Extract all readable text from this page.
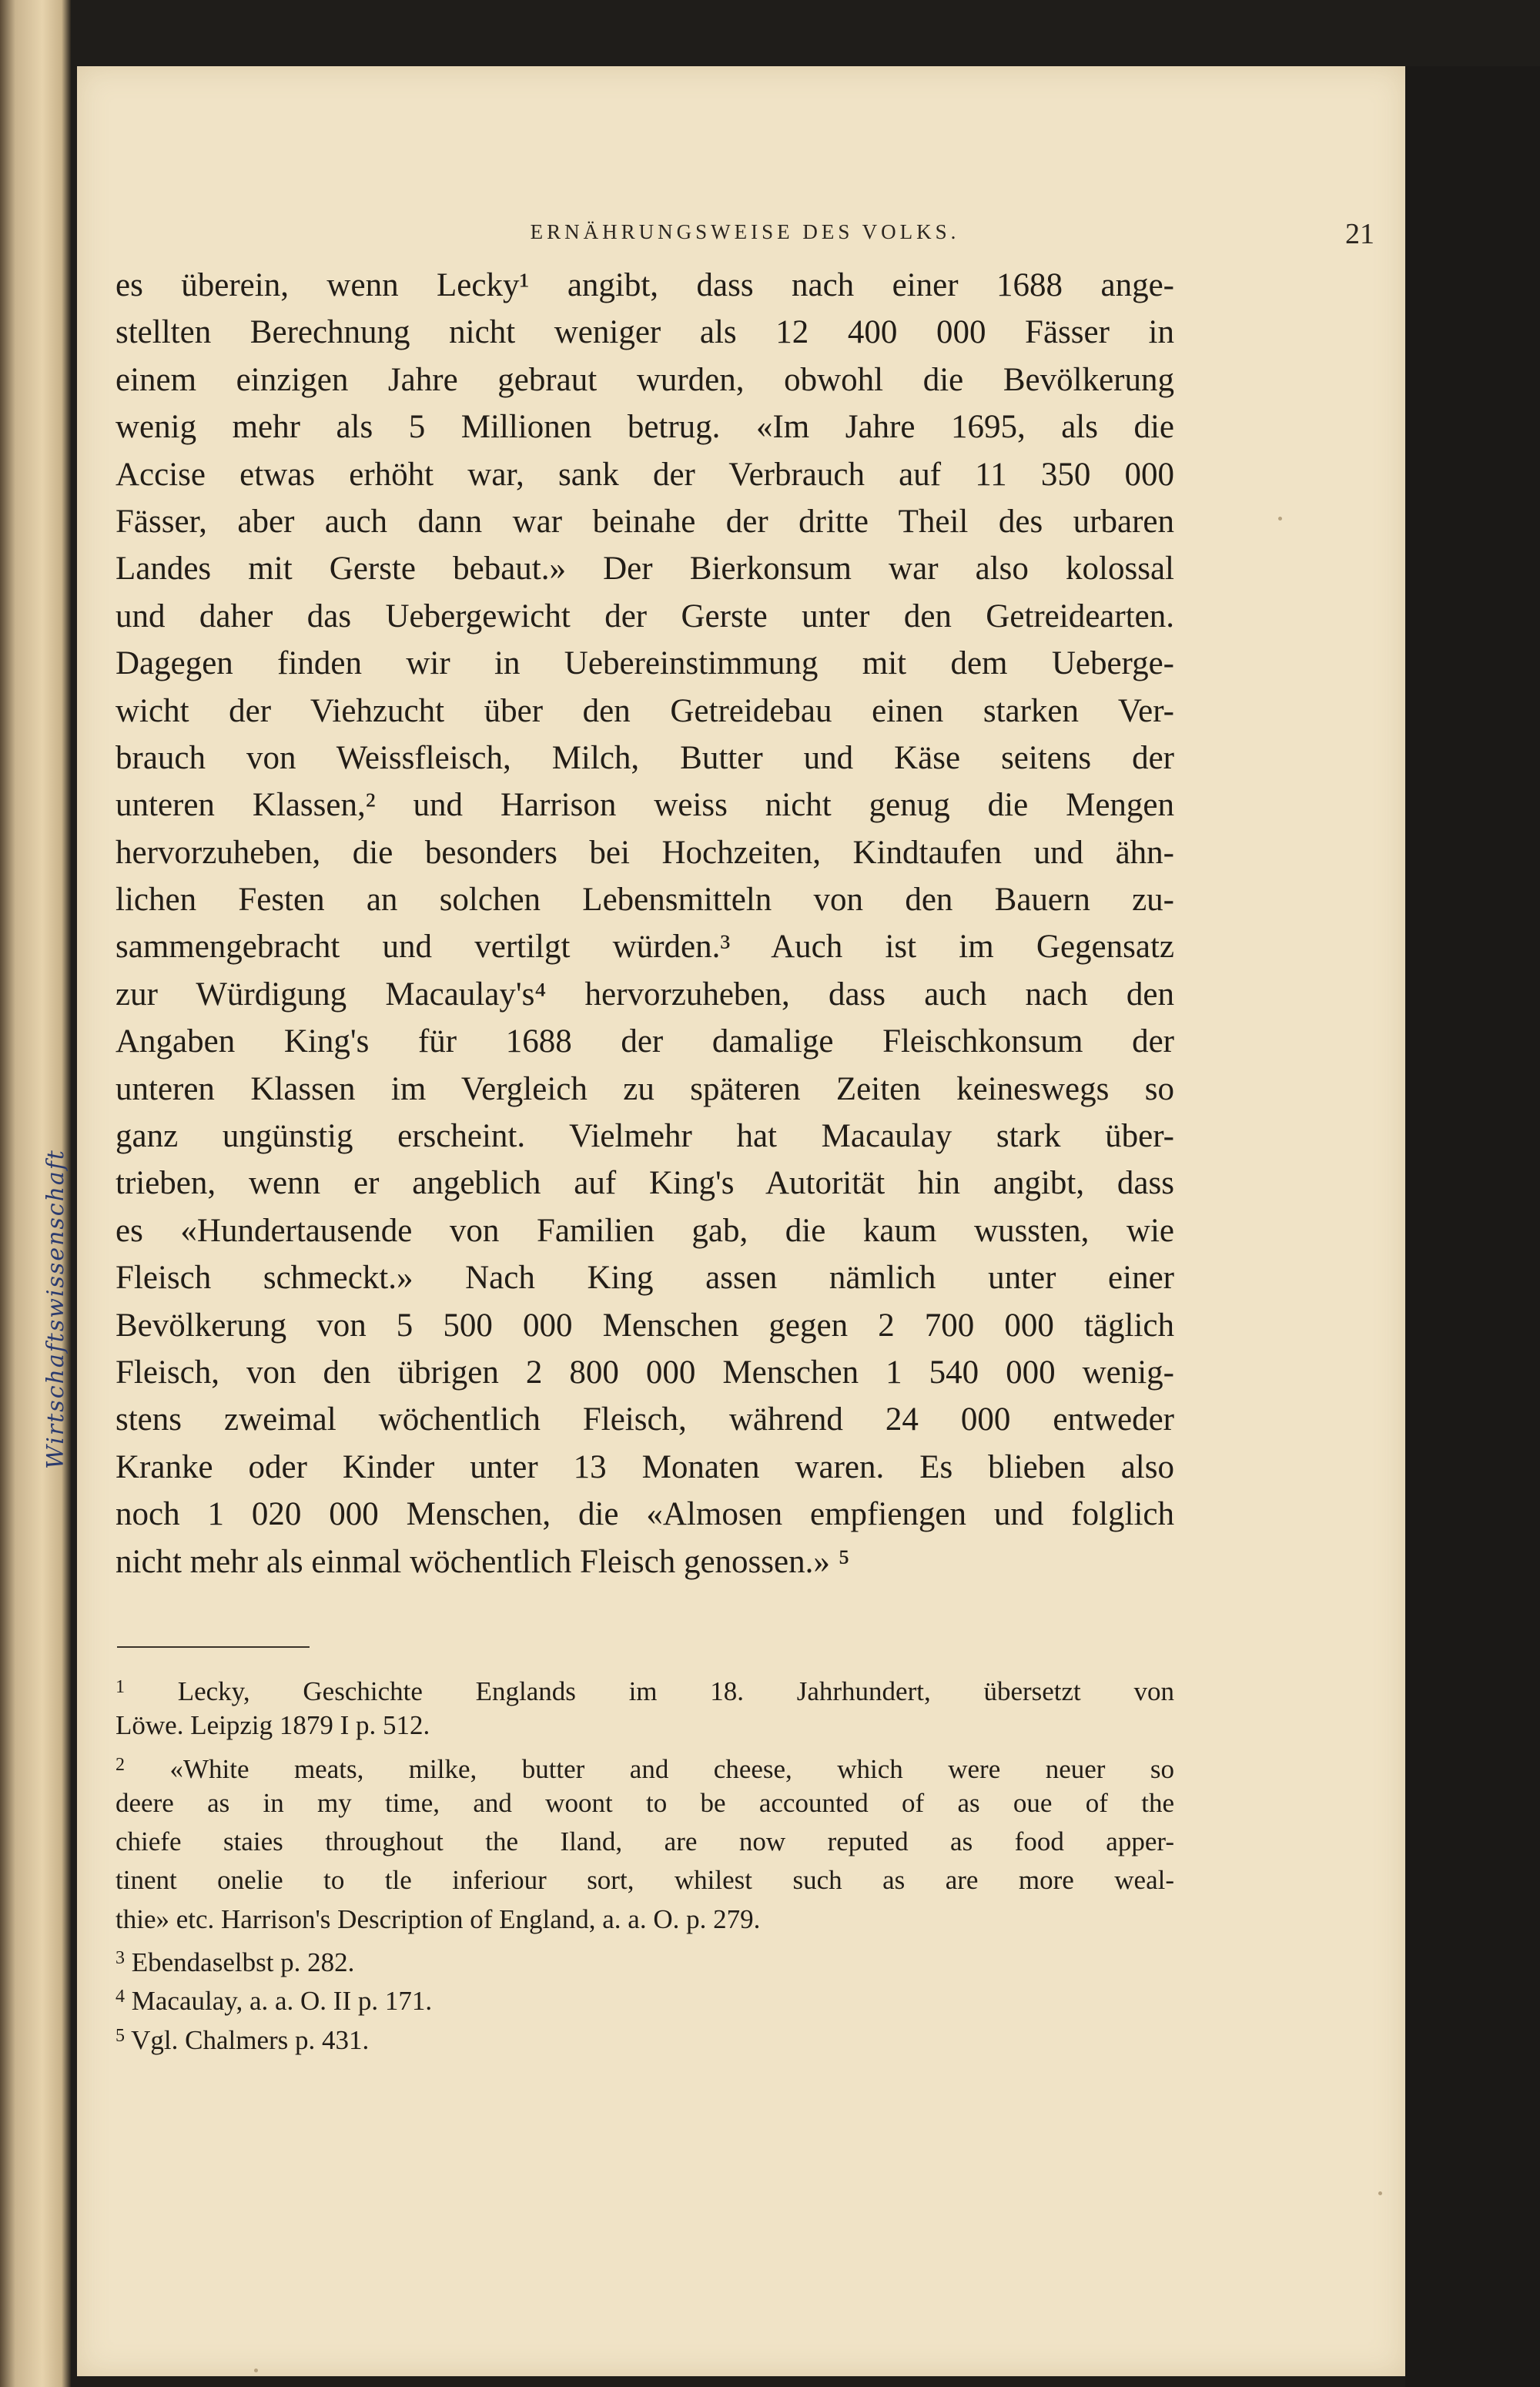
Wirtschaftswissenschaft
ERNÄHRUNGSWEISE DES VOLKS.	21
es überein, wenn Lecky¹ angibt, dass nach einer 1688 ange-
stellten Berechnung nicht weniger als 12 400 000 Fässer in
einem einzigen Jahre gebraut wurden, obwohl die Bevölkerung
wenig mehr als 5 Millionen betrug. «Im Jahre 1695, als die
Accise etwas erhöht war, sank der Verbrauch auf 11 350 000
Fässer, aber auch dann war beinahe der dritte Theil des urbaren
Landes mit Gerste bebaut.» Der Bierkonsum war also kolossal
und daher das Uebergewicht der Gerste unter den Getreidearten.
Dagegen finden wir in Uebereinstimmung mit dem Ueberge-
wicht der Viehzucht über den Getreidebau einen starken Ver-
brauch von Weissfleisch, Milch, Butter und Käse seitens der
unteren Klassen,² und Harrison weiss nicht genug die Mengen
hervorzuheben, die besonders bei Hochzeiten, Kindtaufen und ähn-
lichen Festen an solchen Lebensmitteln von den Bauern zu-
sammengebracht und vertilgt würden.³ Auch ist im Gegensatz
zur Würdigung Macaulay's⁴ hervorzuheben, dass auch nach den
Angaben King's für 1688 der damalige Fleischkonsum der
unteren Klassen im Vergleich zu späteren Zeiten keineswegs so
ganz ungünstig erscheint. Vielmehr hat Macaulay stark über-
trieben, wenn er angeblich auf King's Autorität hin angibt, dass
es «Hundertausende von Familien gab, die kaum wussten, wie
Fleisch schmeckt.» Nach King assen nämlich unter einer
Bevölkerung von 5 500 000 Menschen gegen 2 700 000 täglich
Fleisch, von den übrigen 2 800 000 Menschen 1 540 000 wenig-
stens zweimal wöchentlich Fleisch, während 24 000 entweder
Kranke oder Kinder unter 13 Monaten waren. Es blieben also
noch 1 020 000 Menschen, die «Almosen empfiengen und folglich
nicht mehr als einmal wöchentlich Fleisch genossen.» ⁵
$^1$ Lecky, Geschichte Englands im 18. Jahrhundert, übersetzt von
Löwe. Leipzig 1879 I p. 512.
$^2$ «White meats, milke, butter and cheese, which were neuer so
deere as in my time, and woont to be accounted of as oue of the
chiefe staies throughout the Iland, are now reputed as food apper-
tinent onelie to tle inferiour sort, whilest such as are more weal-
thie» etc. Harrison's Description of England, a. a. O. p. 279.
$^3$ Ebendaselbst p. 282.
$^4$ Macaulay, a. a. O. II p. 171.
$^5$ Vgl. Chalmers p. 431.
